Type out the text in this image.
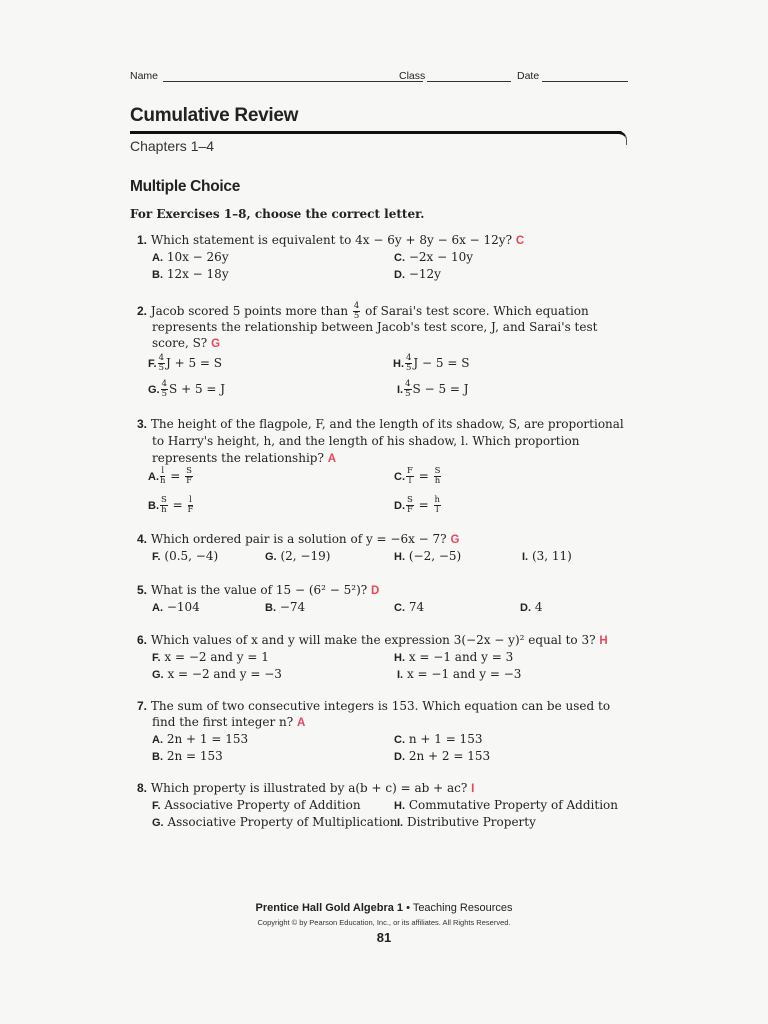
Name	Class	Date
Cumulative Review
Chapters 1–4
Multiple Choice
For Exercises 1–8, choose the correct letter.
1. Which statement is equivalent to 4x − 6y + 8y − 6x − 12y? C
A. 10x − 26y
B. 12x − 18y
C. −2x − 10y
D. −12y
2. Jacob scored 5 points more than $\frac{4}{5}$ of Sarai's test score. Which equation
represents the relationship between Jacob's test score, J, and Sarai's test
score, S? G
F. $\frac{4}{5}$ J + 5 = S
G. $\frac{4}{5}$ S + 5 = J
H. $\frac{4}{5}$ J − 5 = S
I. $\frac{4}{5}$ S − 5 = J
3. The height of the flagpole, F, and the length of its shadow, S, are proportional
to Harry's height, h, and the length of his shadow, l. Which proportion
represents the relationship? A
A. $\frac{l}{h} = \frac{S}{F}$
B. $\frac{S}{h} = \frac{l}{F}$
C. $\frac{F}{l} = \frac{S}{h}$
D. $\frac{S}{F} = \frac{h}{l}$
4. Which ordered pair is a solution of y = −6x − 7? G
F. (0.5, −4)	G. (2, −19)	H. (−2, −5)	I. (3, 11)
5. What is the value of 15 − (6² − 5²)? D
A. −104	B. −74	C. 74	D. 4
6. Which values of x and y will make the expression 3(−2x − y)² equal to 3? H
F. x = −2 and y = 1
G. x = −2 and y = −3
H. x = −1 and y = 3
I. x = −1 and y = −3
7. The sum of two consecutive integers is 153. Which equation can be used to
find the first integer n? A
A. 2n + 1 = 153
B. 2n = 153
C. n + 1 = 153
D. 2n + 2 = 153
8. Which property is illustrated by a(b + c) = ab + ac? I
F. Associative Property of Addition
G. Associative Property of Multiplication
H. Commutative Property of Addition
I. Distributive Property
Prentice Hall Gold Algebra 1 • Teaching Resources
Copyright © by Pearson Education, Inc., or its affiliates. All Rights Reserved.
81
